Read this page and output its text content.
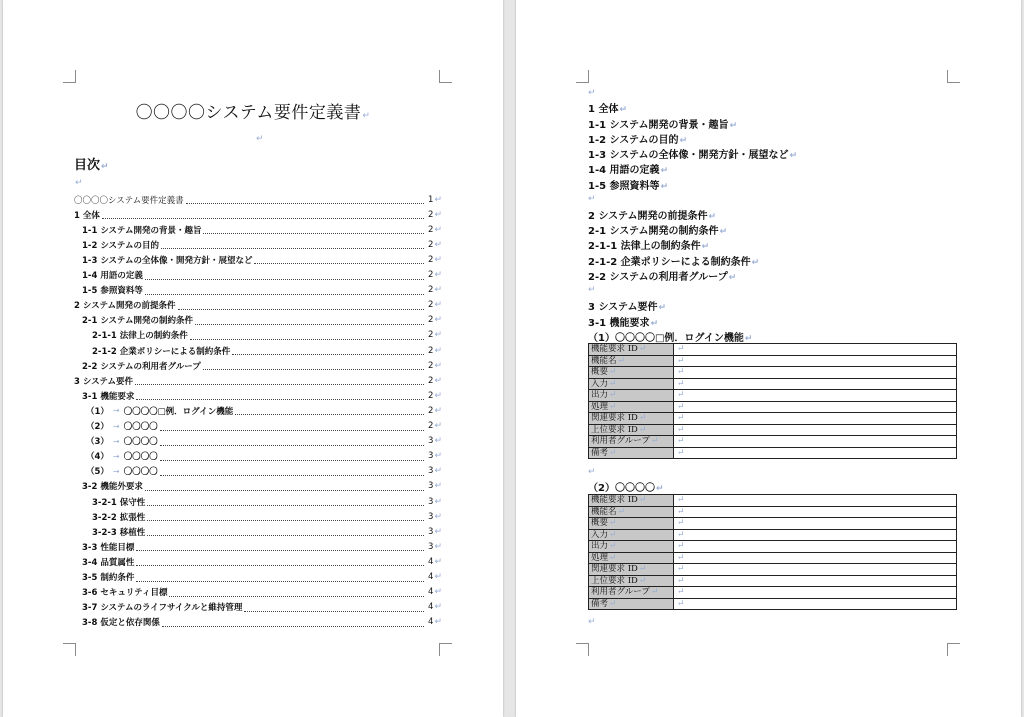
〇〇〇〇システム要件定義書↵
↵
目次↵
↵
〇〇〇〇システム要件定義書	1 ↵
1 全体	2 ↵
1-1 システム開発の背景・趣旨	2 ↵
1-2 システムの目的	2 ↵
1-3 システムの全体像・開発方針・展望など	2 ↵
1-4 用語の定義	2 ↵
1-5 参照資料等	2 ↵
2 システム開発の前提条件	2 ↵
2-1 システム開発の制約条件	2 ↵
2-1-1 法律上の制約条件	2 ↵
2-1-2 企業ポリシーによる制約条件	2 ↵
2-2 システムの利用者グループ	2 ↵
3 システム要件	2 ↵
3-1 機能要求	2 ↵
（1） → 〇〇〇〇□例．ログイン機能	2 ↵
（2） → 〇〇〇〇	2 ↵
（3） → 〇〇〇〇	3 ↵
（4） → 〇〇〇〇	3 ↵
（5） → 〇〇〇〇	3 ↵
3-2 機能外要求	3 ↵
3-2-1 保守性	3 ↵
3-2-2 拡張性	3 ↵
3-2-3 移植性	3 ↵
3-3 性能目標	3 ↵
3-4 品質属性	4 ↵
3-5 制約条件	4 ↵
3-6 セキュリティ目標	4 ↵
3-7 システムのライフサイクルと維持管理	4 ↵
3-8 仮定と依存関係	4 ↵
↵
1 全体↵
1-1 システム開発の背景・趣旨↵
1-2 システムの目的↵
1-3 システムの全体像・開発方針・展望など↵
1-4 用語の定義↵
1-5 参照資料等↵
↵
2 システム開発の前提条件↵
2-1 システム開発の制約条件↵
2-1-1 法律上の制約条件↵
2-1-2 企業ポリシーによる制約条件↵
2-2 システムの利用者グループ↵
↵
3 システム要件↵
3-1 機能要求↵
（1）〇〇〇〇□例．ログイン機能↵
機能要求 ID↵	↵
機能名↵	↵
概要↵	↵
入力↵	↵
出力↵	↵
処理↵	↵
関連要求 ID↵	↵
上位要求 ID↵	↵
利用者グループ↵	↵
備考↵	↵
↵
（2）〇〇〇〇↵
機能要求 ID↵	↵
機能名↵	↵
概要↵	↵
入力↵	↵
出力↵	↵
処理↵	↵
関連要求 ID↵	↵
上位要求 ID↵	↵
利用者グループ↵	↵
備考↵	↵
↵
